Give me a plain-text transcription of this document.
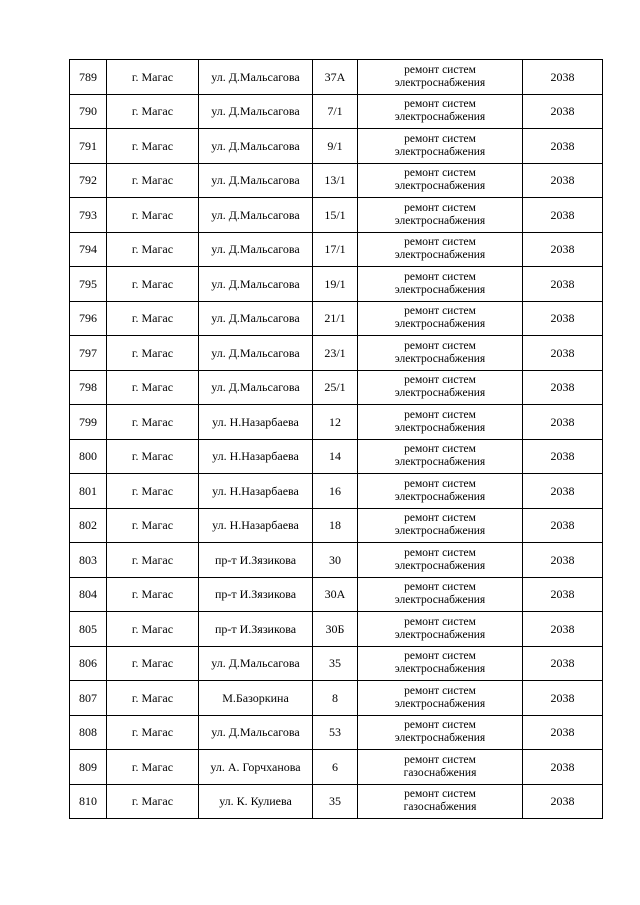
789	г. Магас	ул. Д.Мальсагова	37А	ремонт систем
электроснабжения	2038
790	г. Магас	ул. Д.Мальсагова	7/1	ремонт систем
электроснабжения	2038
791	г. Магас	ул. Д.Мальсагова	9/1	ремонт систем
электроснабжения	2038
792	г. Магас	ул. Д.Мальсагова	13/1	ремонт систем
электроснабжения	2038
793	г. Магас	ул. Д.Мальсагова	15/1	ремонт систем
электроснабжения	2038
794	г. Магас	ул. Д.Мальсагова	17/1	ремонт систем
электроснабжения	2038
795	г. Магас	ул. Д.Мальсагова	19/1	ремонт систем
электроснабжения	2038
796	г. Магас	ул. Д.Мальсагова	21/1	ремонт систем
электроснабжения	2038
797	г. Магас	ул. Д.Мальсагова	23/1	ремонт систем
электроснабжения	2038
798	г. Магас	ул. Д.Мальсагова	25/1	ремонт систем
электроснабжения	2038
799	г. Магас	ул. Н.Назарбаева	12	ремонт систем
электроснабжения	2038
800	г. Магас	ул. Н.Назарбаева	14	ремонт систем
электроснабжения	2038
801	г. Магас	ул. Н.Назарбаева	16	ремонт систем
электроснабжения	2038
802	г. Магас	ул. Н.Назарбаева	18	ремонт систем
электроснабжения	2038
803	г. Магас	пр-т И.Зязикова	30	ремонт систем
электроснабжения	2038
804	г. Магас	пр-т И.Зязикова	30А	ремонт систем
электроснабжения	2038
805	г. Магас	пр-т И.Зязикова	30Б	ремонт систем
электроснабжения	2038
806	г. Магас	ул. Д.Мальсагова	35	ремонт систем
электроснабжения	2038
807	г. Магас	М.Базоркина	8	ремонт систем
электроснабжения	2038
808	г. Магас	ул. Д.Мальсагова	53	ремонт систем
электроснабжения	2038
809	г. Магас	ул. А. Горчханова	6	ремонт систем
газоснабжения	2038
810	г. Магас	ул. К. Кулиева	35	ремонт систем
газоснабжения	2038
